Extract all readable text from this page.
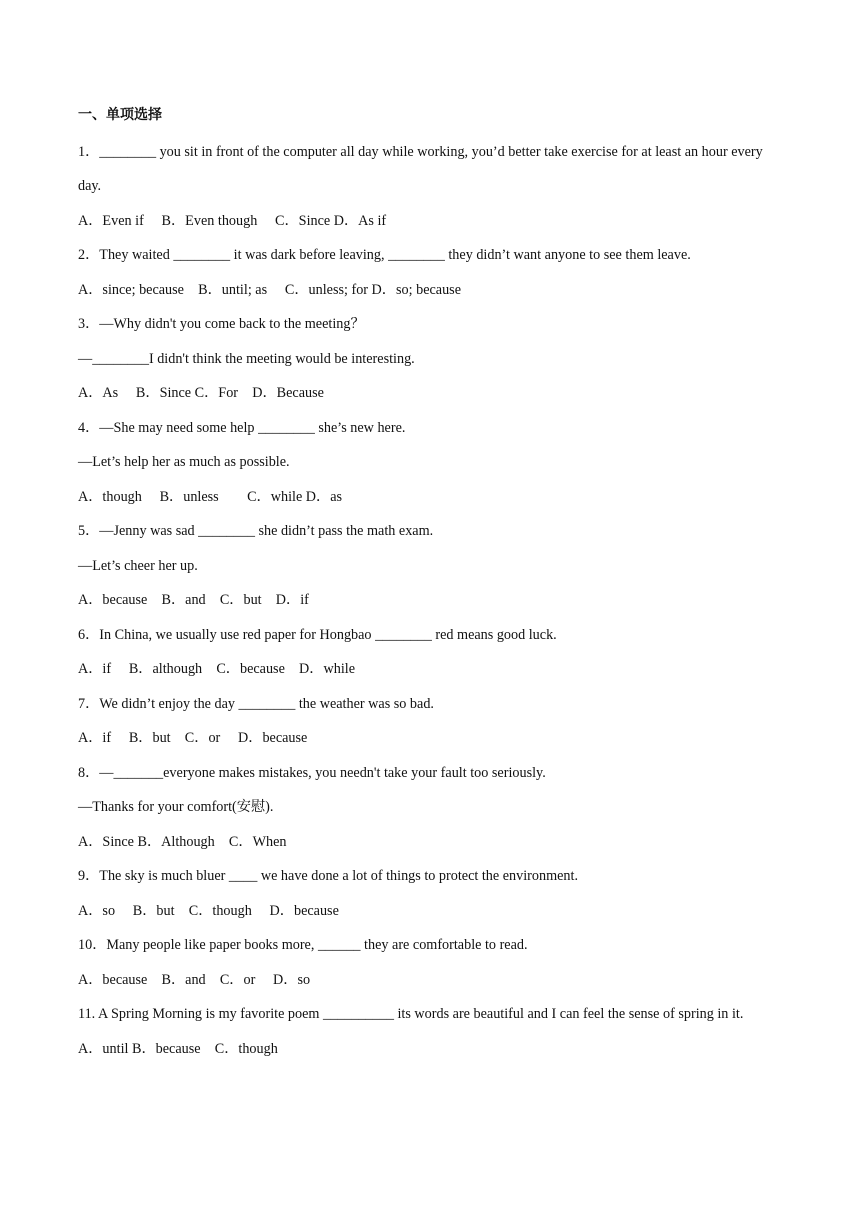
一、单项选择
1．________ you sit in front of the computer all day while working, you’d better take exercise for at least an hour every day.
A．Even if　 B．Even though　 C．Since D．As if
2．They waited ________ it was dark before leaving, ________ they didn’t want anyone to see them leave.
A．since; because　B．until; as　 C．unless; for D．so; because
3．—Why didn't you come back to the meeting？
—________I didn't think the meeting would be interesting.
A．As　 B．Since C．For　D．Because
4．—She may need some help ________ she’s new here.
—Let’s help her as much as possible.
A．though　 B．unless　　C．while D．as
5．—Jenny was sad ________ she didn’t pass the math exam.
—Let’s cheer her up.
A．because　B．and　C．but　D．if
6．In China, we usually use red paper for Hongbao ________ red means good luck.
A．if　 B．although　C．because　D．while
7．We didn’t enjoy the day ________ the weather was so bad.
A．if　 B．but　C．or　 D．because
8．—_______everyone makes mistakes, you needn't take your fault too seriously.
—Thanks for your comfort(安慰).
A．Since B．Although　C．When
9．The sky is much bluer ____ we have done a lot of things to protect the environment.
A．so　 B．but　C．though　 D．because
10．Many people like paper books more, ______ they are comfortable to read.
A．because　B．and　C．or　 D．so
11. A Spring Morning is my favorite poem __________ its words are beautiful and I can feel the sense of spring in it.
A．until B．because　C．though
